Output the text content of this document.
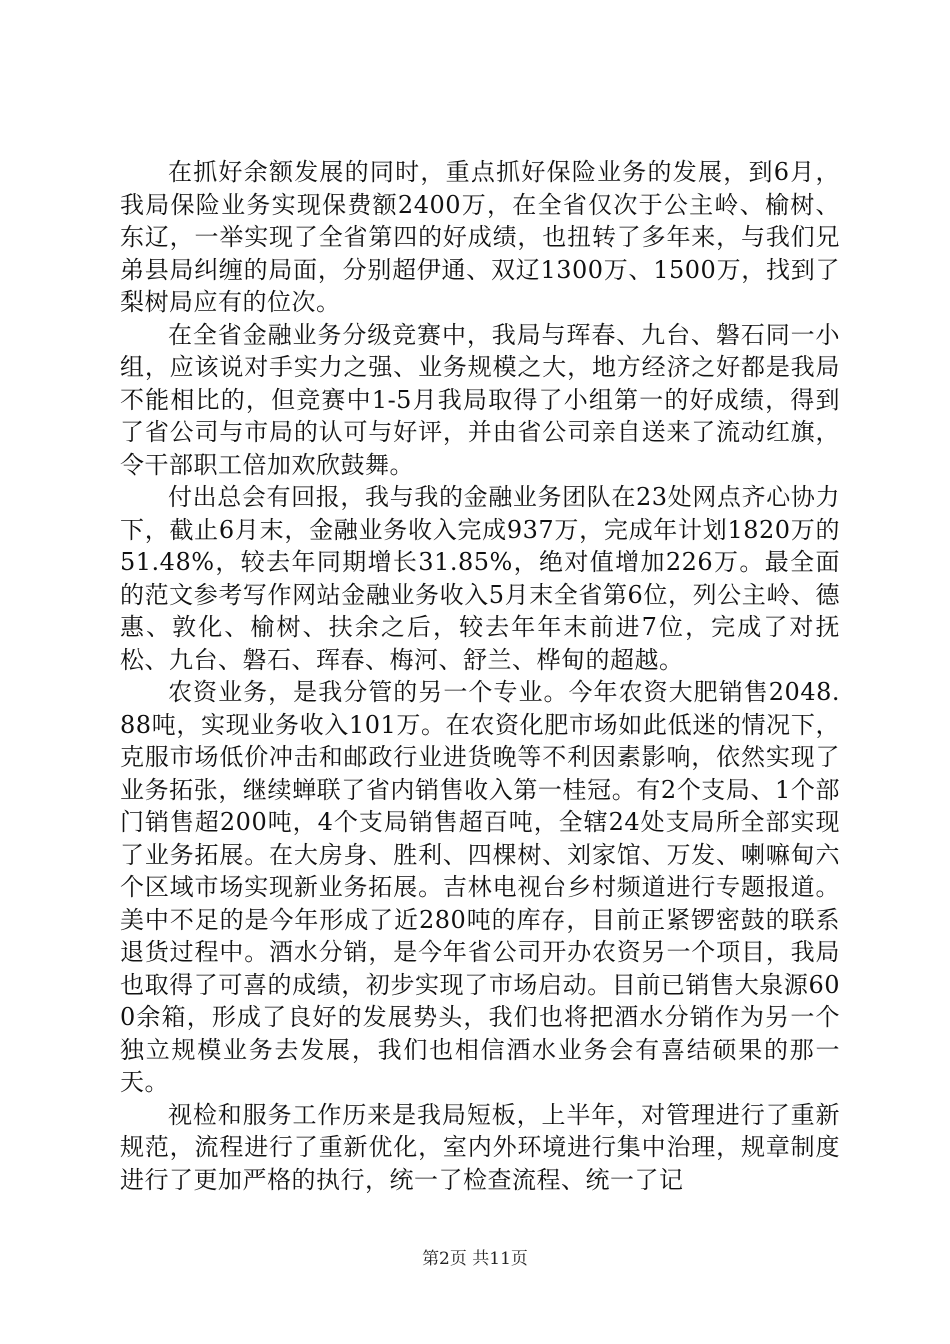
在抓好余额发展的同时，重点抓好保险业务的发展，到6月，我局保险业务实现保费额2400万，在全省仅次于公主岭、榆树、东辽，一举实现了全省第四的好成绩，也扭转了多年来，与我们兄弟县局纠缠的局面，分别超伊通、双辽1300万、1500万，找到了梨树局应有的位次。

在全省金融业务分级竞赛中，我局与珲春、九台、磐石同一小组，应该说对手实力之强、业务规模之大，地方经济之好都是我局不能相比的，但竞赛中1-5月我局取得了小组第一的好成绩，得到了省公司与市局的认可与好评，并由省公司亲自送来了流动红旗，令干部职工倍加欢欣鼓舞。

付出总会有回报，我与我的金融业务团队在23处网点齐心协力下，截止6月末，金融业务收入完成937万，完成年计划1820万的51.48%，较去年同期增长31.85%，绝对值增加226万。最全面的范文参考写作网站金融业务收入5月末全省第6位，列公主岭、德惠、敦化、榆树、扶余之后，较去年年末前进7位，完成了对抚松、九台、磐石、珲春、梅河、舒兰、桦甸的超越。

农资业务，是我分管的另一个专业。今年农资大肥销售2048.88吨，实现业务收入101万。在农资化肥市场如此低迷的情况下，克服市场低价冲击和邮政行业进货晚等不利因素影响，依然实现了业务拓张，继续蝉联了省内销售收入第一桂冠。有2个支局、1个部门销售超200吨，4个支局销售超百吨，全辖24处支局所全部实现了业务拓展。在大房身、胜利、四棵树、刘家馆、万发、喇嘛甸六个区域市场实现新业务拓展。吉林电视台乡村频道进行专题报道。美中不足的是今年形成了近280吨的库存，目前正紧锣密鼓的联系退货过程中。酒水分销，是今年省公司开办农资另一个项目，我局也取得了可喜的成绩，初步实现了市场启动。目前已销售大泉源600余箱，形成了良好的发展势头，我们也将把酒水分销作为另一个独立规模业务去发展，我们也相信酒水业务会有喜结硕果的那一天。

视检和服务工作历来是我局短板，上半年，对管理进行了重新规范，流程进行了重新优化，室内外环境进行集中治理，规章制度进行了更加严格的执行，统一了检查流程、统一了记

第2页 共11页
